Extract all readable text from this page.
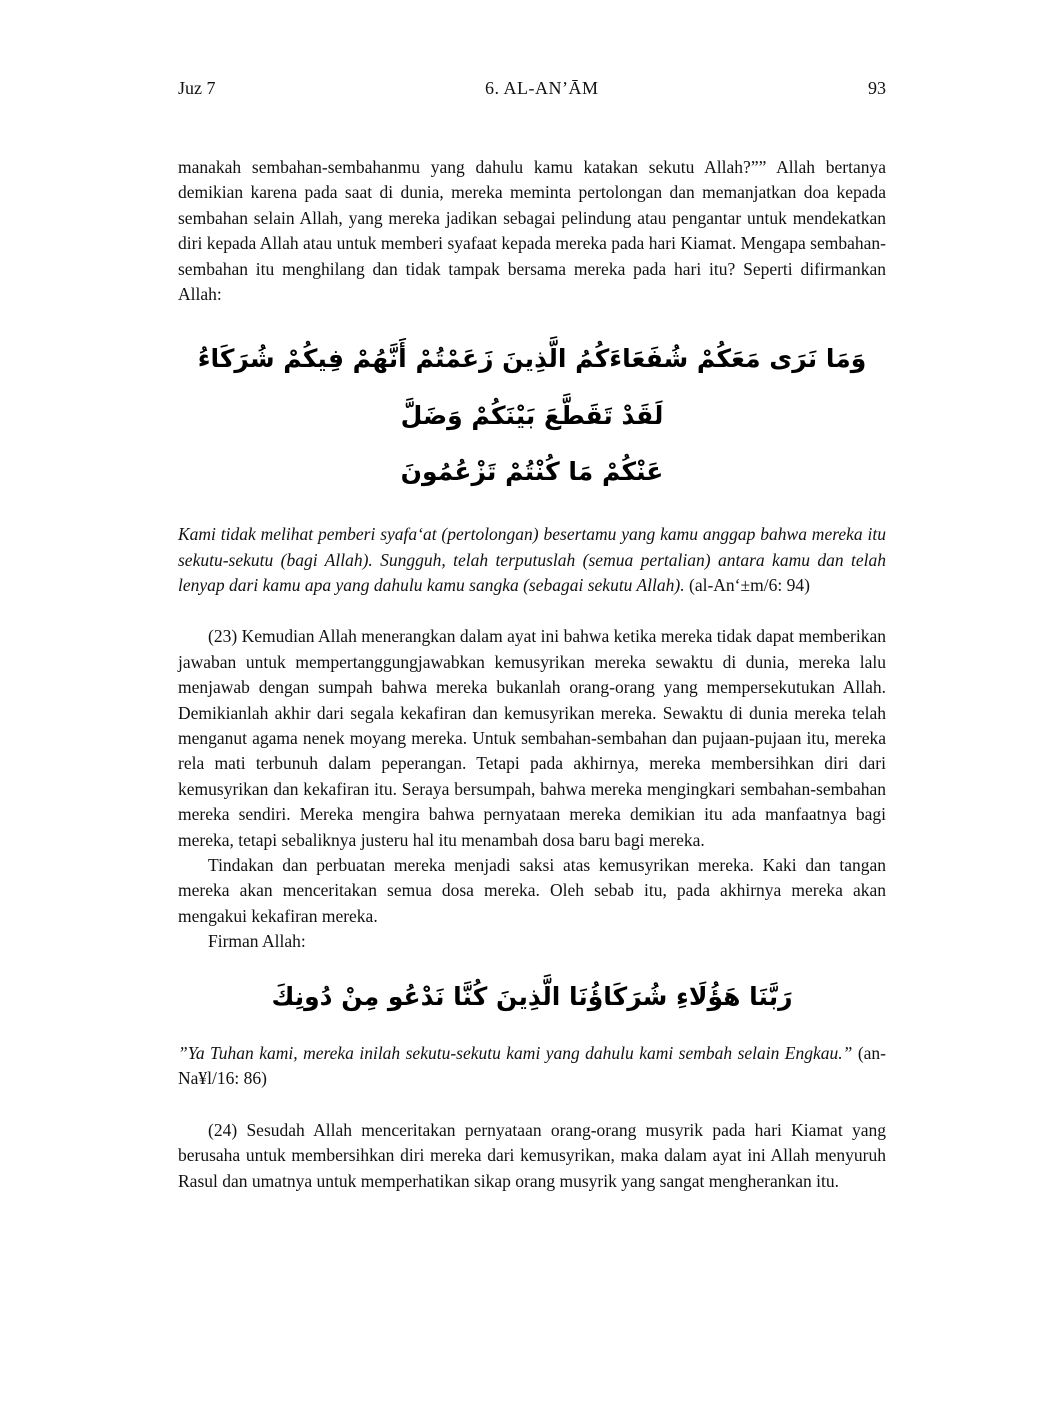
Juz 7	6. AL-AN’ĀM	93

manakah sembahan-sembahanmu yang dahulu kamu katakan sekutu Allah?”” Allah bertanya demikian karena pada saat di dunia, mereka meminta pertolongan dan memanjatkan doa kepada sembahan selain Allah, yang mereka jadikan sebagai pelindung atau pengantar untuk mendekatkan diri kepada Allah atau untuk memberi syafaat kepada mereka pada hari Kiamat. Mengapa sembahan-sembahan itu menghilang dan tidak tampak bersama mereka pada hari itu? Seperti difirmankan Allah:

وَمَا نَرَى مَعَكُمْ شُفَعَاءَكُمُ الَّذِينَ زَعَمْتُمْ أَنَّهُمْ فِيكُمْ شُرَكَاءُ لَقَدْ تَقَطَّعَ بَيْنَكُمْ وَضَلَّ
عَنْكُمْ مَا كُنْتُمْ تَزْعُمُونَ

Kami tidak melihat pemberi syafa‘at (pertolongan) besertamu yang kamu anggap bahwa mereka itu sekutu-sekutu (bagi Allah). Sungguh, telah terputuslah (semua pertalian) antara kamu dan telah lenyap dari kamu apa yang dahulu kamu sangka (sebagai sekutu Allah). (al-An‘±m/6: 94)

(23) Kemudian Allah menerangkan dalam ayat ini bahwa ketika mereka tidak dapat memberikan jawaban untuk mempertanggungjawabkan kemusyrikan mereka sewaktu di dunia, mereka lalu menjawab dengan sumpah bahwa mereka bukanlah orang-orang yang mempersekutukan Allah. Demikianlah akhir dari segala kekafiran dan kemusyrikan mereka. Sewaktu di dunia mereka telah menganut agama nenek moyang mereka. Untuk sembahan-sembahan dan pujaan-pujaan itu, mereka rela mati terbunuh dalam peperangan. Tetapi pada akhirnya, mereka membersihkan diri dari kemusyrikan dan kekafiran itu. Seraya bersumpah, bahwa mereka mengingkari sembahan-sembahan mereka sendiri. Mereka mengira bahwa pernyataan mereka demikian itu ada manfaatnya bagi mereka, tetapi sebaliknya justeru hal itu menambah dosa baru bagi mereka.

Tindakan dan perbuatan mereka menjadi saksi atas kemusyrikan mereka. Kaki dan tangan mereka akan menceritakan semua dosa mereka. Oleh sebab itu, pada akhirnya mereka akan mengakui kekafiran mereka.

Firman Allah:

رَبَّنَا هَؤُلَاءِ شُرَكَاؤُنَا الَّذِينَ كُنَّا نَدْعُو مِنْ دُونِكَ

”Ya Tuhan kami, mereka inilah sekutu-sekutu kami yang dahulu kami sembah selain Engkau.” (an-Na¥l/16: 86)

(24) Sesudah Allah menceritakan pernyataan orang-orang musyrik pada hari Kiamat yang berusaha untuk membersihkan diri mereka dari kemusyrikan, maka dalam ayat ini Allah menyuruh Rasul dan umatnya untuk memperhatikan sikap orang musyrik yang sangat mengherankan itu.
